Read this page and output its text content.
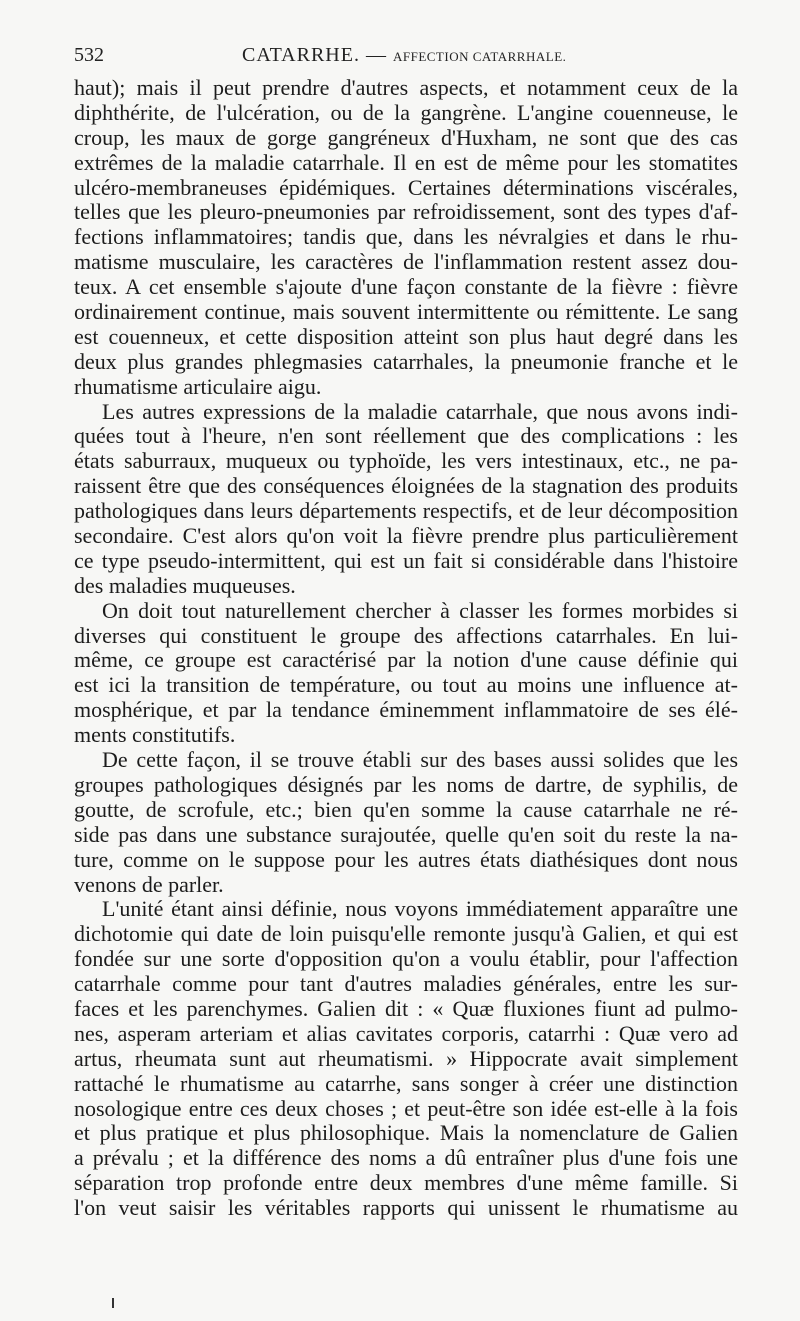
532	CATARRHE. — AFFECTION CATARRHALE.
haut); mais il peut prendre d'autres aspects, et notamment ceux de la
diphthérite, de l'ulcération, ou de la gangrène. L'angine couenneuse, le
croup, les maux de gorge gangréneux d'Huxham, ne sont que des cas
extrêmes de la maladie catarrhale. Il en est de même pour les stomatites
ulcéro-membraneuses épidémiques. Certaines déterminations viscérales,
telles que les pleuro-pneumonies par refroidissement, sont des types d'af-
fections inflammatoires; tandis que, dans les névralgies et dans le rhu-
matisme musculaire, les caractères de l'inflammation restent assez dou-
teux. A cet ensemble s'ajoute d'une façon constante de la fièvre : fièvre
ordinairement continue, mais souvent intermittente ou rémittente. Le sang
est couenneux, et cette disposition atteint son plus haut degré dans les
deux plus grandes phlegmasies catarrhales, la pneumonie franche et le
rhumatisme articulaire aigu.
Les autres expressions de la maladie catarrhale, que nous avons indi-
quées tout à l'heure, n'en sont réellement que des complications : les
états saburraux, muqueux ou typhoïde, les vers intestinaux, etc., ne pa-
raissent être que des conséquences éloignées de la stagnation des produits
pathologiques dans leurs départements respectifs, et de leur décomposition
secondaire. C'est alors qu'on voit la fièvre prendre plus particulièrement
ce type pseudo-intermittent, qui est un fait si considérable dans l'histoire
des maladies muqueuses.
On doit tout naturellement chercher à classer les formes morbides si
diverses qui constituent le groupe des affections catarrhales. En lui-
même, ce groupe est caractérisé par la notion d'une cause définie qui
est ici la transition de température, ou tout au moins une influence at-
mosphérique, et par la tendance éminemment inflammatoire de ses élé-
ments constitutifs.
De cette façon, il se trouve établi sur des bases aussi solides que les
groupes pathologiques désignés par les noms de dartre, de syphilis, de
goutte, de scrofule, etc.; bien qu'en somme la cause catarrhale ne ré-
side pas dans une substance surajoutée, quelle qu'en soit du reste la na-
ture, comme on le suppose pour les autres états diathésiques dont nous
venons de parler.
L'unité étant ainsi définie, nous voyons immédiatement apparaître une
dichotomie qui date de loin puisqu'elle remonte jusqu'à Galien, et qui est
fondée sur une sorte d'opposition qu'on a voulu établir, pour l'affection
catarrhale comme pour tant d'autres maladies générales, entre les sur-
faces et les parenchymes. Galien dit : « Quæ fluxiones fiunt ad pulmo-
nes, asperam arteriam et alias cavitates corporis, catarrhi : Quæ vero ad
artus, rheumata sunt aut rheumatismi. » Hippocrate avait simplement
rattaché le rhumatisme au catarrhe, sans songer à créer une distinction
nosologique entre ces deux choses ; et peut-être son idée est-elle à la fois
et plus pratique et plus philosophique. Mais la nomenclature de Galien
a prévalu ; et la différence des noms a dû entraîner plus d'une fois une
séparation trop profonde entre deux membres d'une même famille. Si
l'on veut saisir les véritables rapports qui unissent le rhumatisme au
